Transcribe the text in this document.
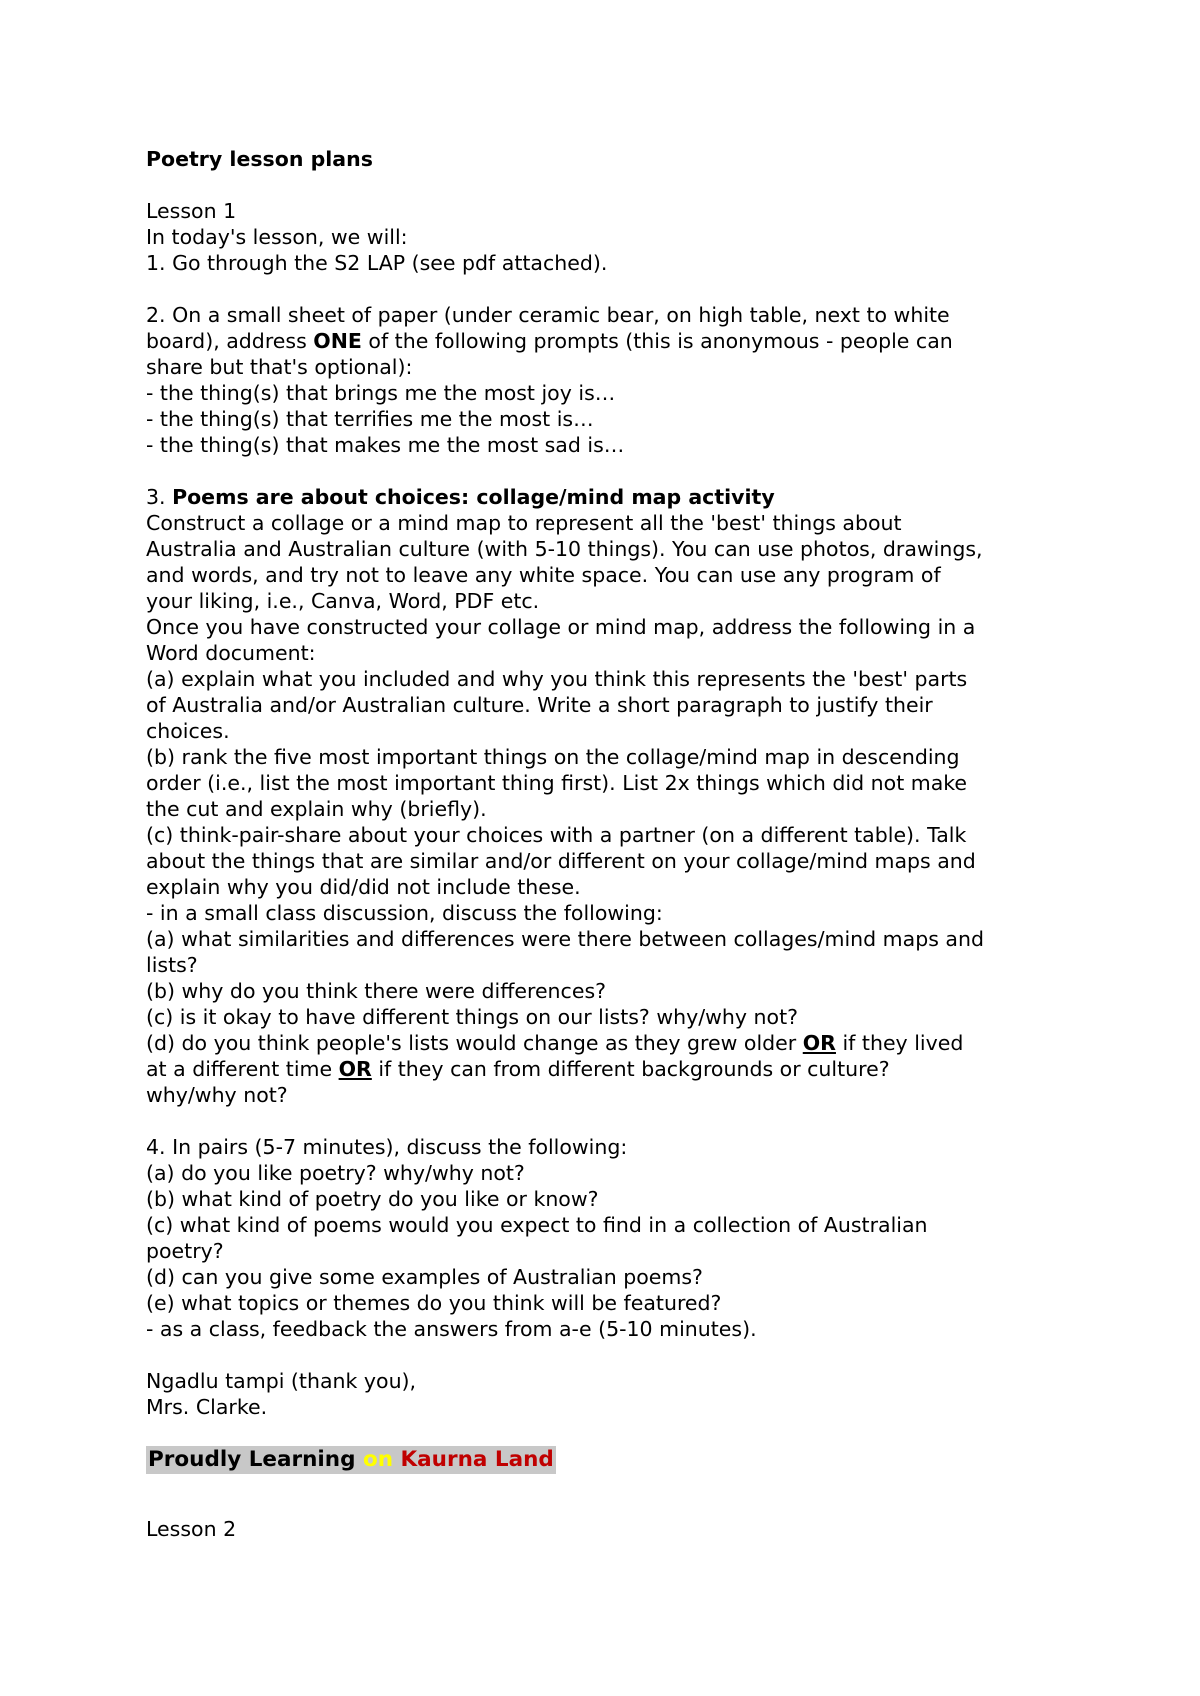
Poetry lesson plans
Lesson 1
In today's lesson, we will:
1. Go through the S2 LAP (see pdf attached).
2. On a small sheet of paper (under ceramic bear, on high table, next to white
board), address ONE of the following prompts (this is anonymous - people can
share but that's optional):
- the thing(s) that brings me the most joy is…
- the thing(s) that terrifies me the most is…
- the thing(s) that makes me the most sad is…
3. Poems are about choices: collage/mind map activity
Construct a collage or a mind map to represent all the 'best' things about
Australia and Australian culture (with 5-10 things). You can use photos, drawings,
and words, and try not to leave any white space. You can use any program of
your liking, i.e., Canva, Word, PDF etc.
Once you have constructed your collage or mind map, address the following in a
Word document:
(a) explain what you included and why you think this represents the 'best' parts
of Australia and/or Australian culture. Write a short paragraph to justify their
choices.
(b) rank the five most important things on the collage/mind map in descending
order (i.e., list the most important thing first). List 2x things which did not make
the cut and explain why (briefly).
(c) think-pair-share about your choices with a partner (on a different table). Talk
about the things that are similar and/or different on your collage/mind maps and
explain why you did/did not include these.
- in a small class discussion, discuss the following:
(a) what similarities and differences were there between collages/mind maps and
lists?
(b) why do you think there were differences?
(c) is it okay to have different things on our lists? why/why not?
(d) do you think people's lists would change as they grew older OR if they lived
at a different time OR if they can from different backgrounds or culture?
why/why not?
4. In pairs (5-7 minutes), discuss the following:
(a) do you like poetry? why/why not?
(b) what kind of poetry do you like or know?
(c) what kind of poems would you expect to find in a collection of Australian
poetry?
(d) can you give some examples of Australian poems?
(e) what topics or themes do you think will be featured?
- as a class, feedback the answers from a-e (5-10 minutes).
Ngadlu tampi (thank you),
Mrs. Clarke.
Proudly Learning on Kaurna Land
Lesson 2
